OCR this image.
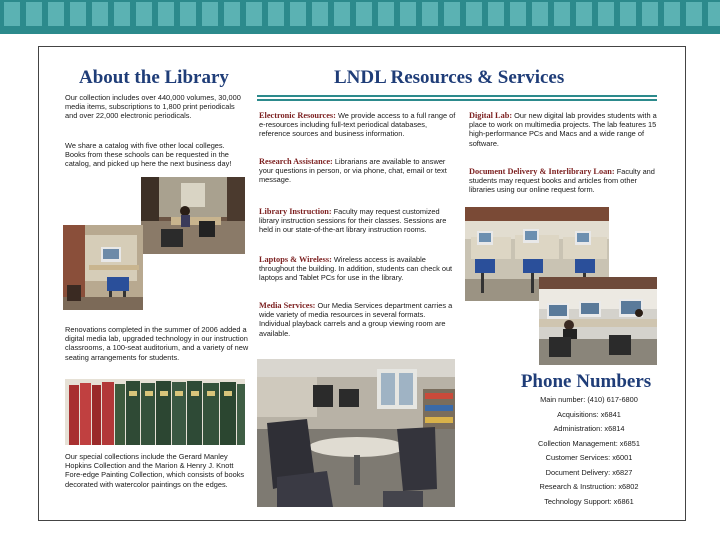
About the Library
Our collection includes over 440,000 volumes, 30,000 media items, subscriptions to 1,800 print periodicals and over 22,000 electronic periodicals.
We share a catalog with five other local colleges. Books from these schools can be requested in the catalog, and picked up here the next business day!
Renovations completed in the summer of 2006 added a digital media lab, upgraded technology in our instruction classrooms, a 100-seat auditorium, and a variety of new seating arrangements for students.
Our special collections include the Gerard Manley Hopkins Collection and the Marion & Henry J. Knott Fore-edge Painting Collection, which consists of books decorated with watercolor paintings on the edges.
LNDL Resources & Services
Electronic Resources: We provide access to a full range of e-resources including full-text periodical databases, reference sources and business information.
Research Assistance: Librarians are available to answer your questions in person, or via phone, chat, email or text message.
Library Instruction: Faculty may request customized library instruction sessions for their classes. Sessions are held in our state-of-the-art library instruction rooms.
Laptops & Wireless: Wireless access is available throughout the building. In addition, students can check out laptops and Tablet PCs for use in the library.
Media Services: Our Media Services department carries a wide variety of media resources in several formats. Individual playback carrels and a group viewing room are available.
Digital Lab: Our new digital lab provides students with a place to work on multimedia projects. The lab features 15 high-performance PCs and Macs and a wide range of software.
Document Delivery & Interlibrary Loan: Faculty and students may request books and articles from other libraries using our online request form.
Phone Numbers
Main number: (410) 617-6800
Acquisitions: x6841
Administration: x6814
Collection Management: x6851
Customer Services: x6001
Document Delivery: x6827
Research & Instruction: x6802
Technology Support: x6861
